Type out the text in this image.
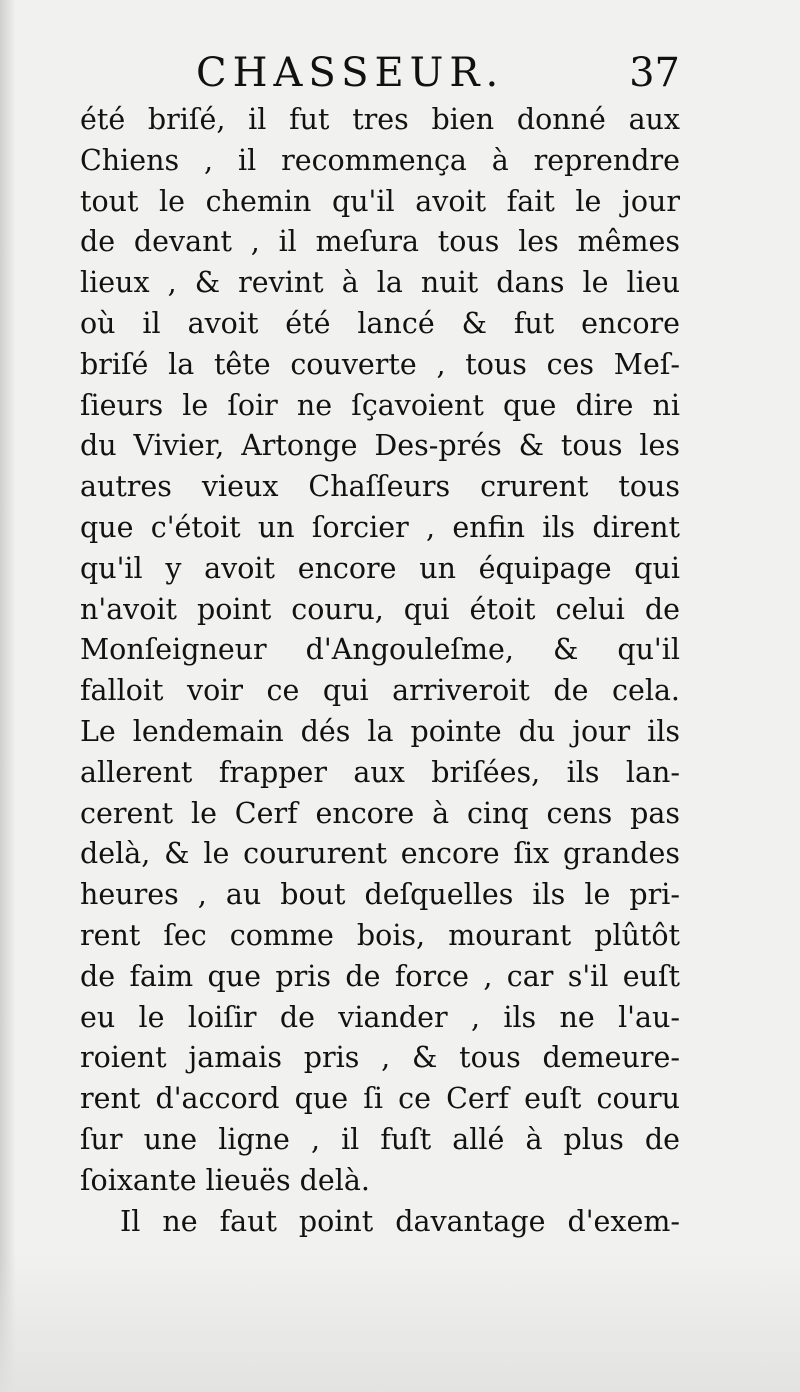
CHASSEUR.	37
été briſé, il fut tres bien donné aux
Chiens , il recommença à reprendre
tout le chemin qu'il avoit fait le jour
de devant , il meſura tous les mêmes
lieux , & revint à la nuit dans le lieu
où il avoit été lancé & fut encore
briſé la tête couverte , tous ces Meſ-
ſieurs le ſoir ne ſçavoient que dire ni
du Vivier, Artonge Des-prés & tous les
autres vieux Chaſſeurs crurent tous
que c'étoit un ſorcier , enfin ils dirent
qu'il y avoit encore un équipage qui
n'avoit point couru, qui étoit celui de
Monſeigneur d'Angouleſme, & qu'il
falloit voir ce qui arriveroit de cela.
Le lendemain dés la pointe du jour ils
allerent frapper aux briſées, ils lan-
cerent le Cerf encore à cinq cens pas
delà, & le coururent encore ſix grandes
heures , au bout deſquelles ils le pri-
rent ſec comme bois, mourant plûtôt
de faim que pris de force , car s'il euſt
eu le loiſir de viander , ils ne l'au-
roient jamais pris , & tous demeure-
rent d'accord que ſi ce Cerf euſt couru
ſur une ligne , il fuſt allé à plus de
ſoixante lieuës delà.
Il ne faut point davantage d'exem-
